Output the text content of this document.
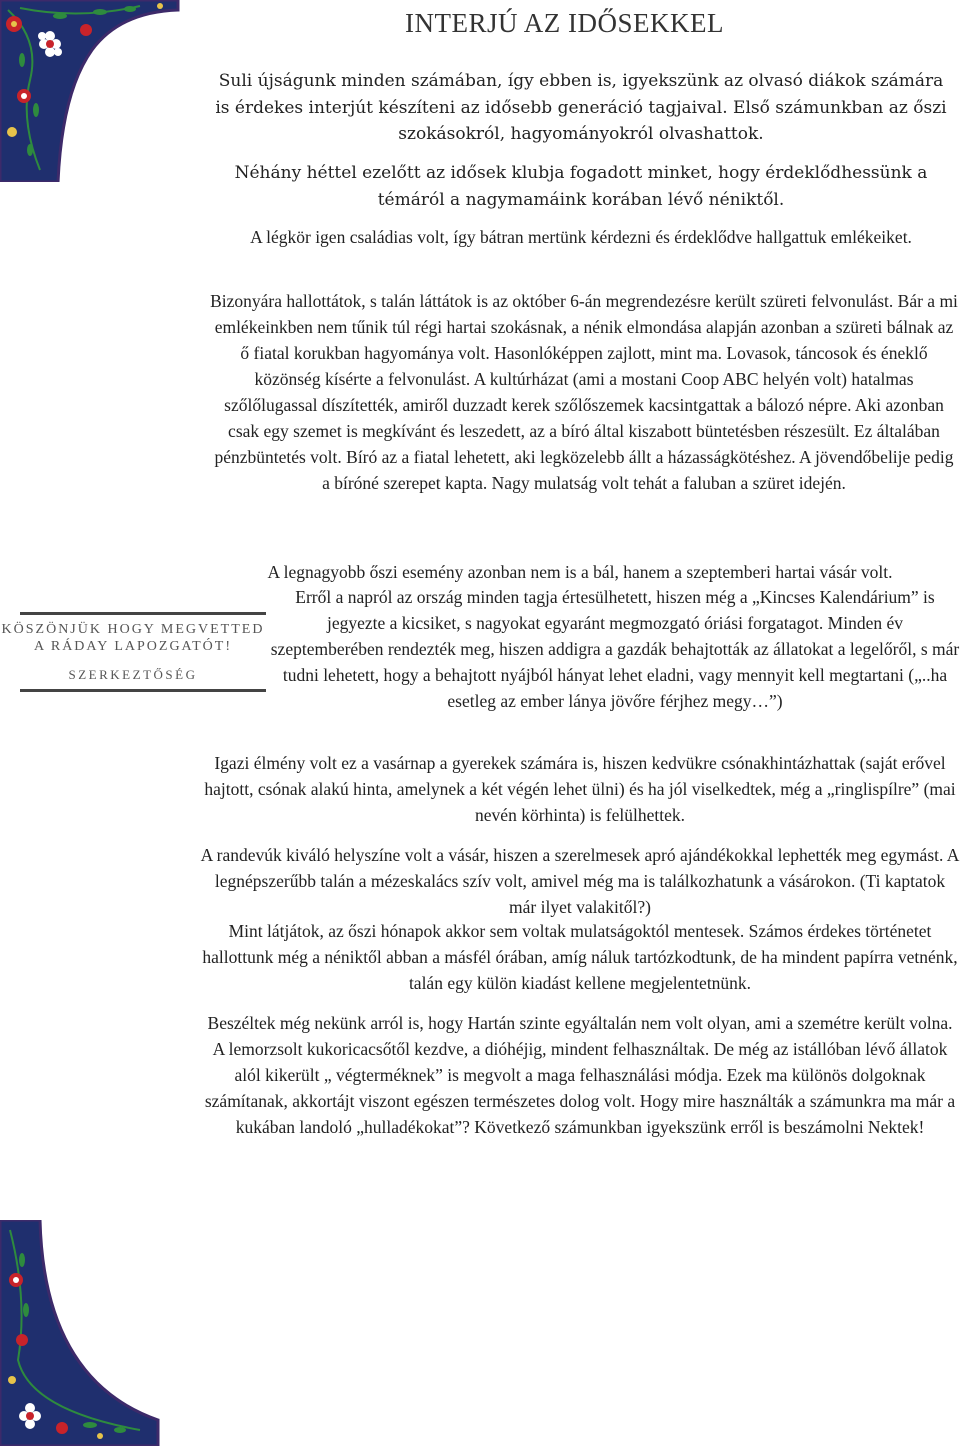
INTERJÚ AZ IDŐSEKKEL

Suli újságunk minden számában, így ebben is, igyekszünk az olvasó diákok számára is érdekes interjút készíteni az idősebb generáció tagjaival. Első számunkban az őszi szokásokról, hagyományokról olvashattok.

Néhány héttel ezelőtt az idősek klubja fogadott minket, hogy érdeklődhessünk a témáról a nagymamáink korában lévő néniktől.

A légkör igen családias volt, így bátran mertünk kérdezni és érdeklődve hallgattuk emlékeiket.

Bizonyára hallottátok, s talán láttátok is az október 6-án megrendezésre került szüreti felvonulást. Bár a mi emlékeinkben nem tűnik túl régi hartai szokásnak, a nénik elmondása alapján azonban a szüreti bálnak az ő fiatal korukban hagyománya volt. Hasonlóképpen zajlott, mint ma. Lovasok, táncosok és éneklő közönség kísérte a felvonulást. A kultúrházat (ami a mostani Coop ABC helyén volt) hatalmas szőlőlugassal díszítették, amiről duzzadt kerek szőlőszemek kacsintgattak a bálozó népre. Aki azonban csak egy szemet is megkívánt és leszedett, az a bíró által kiszabott büntetésben részesült. Ez általában pénzbüntetés volt. Bíró az a fiatal lehetett, aki legközelebb állt a házasságkötéshez. A jövendőbelije pedig a bíróné szerepet kapta. Nagy mulatság volt tehát a faluban a szüret idején.

KÖSZÖNJÜK HOGY MEGVETTED A RÁDAY LAPOZGATÓT!
SZERKEZTŐSÉG

A legnagyobb őszi esemény azonban nem is a bál, hanem a szeptemberi hartai vásár volt.

Erről a napról az ország minden tagja értesülhetett, hiszen még a „Kincses Kalendárium” is jegyezte a kicsiket, s nagyokat egyaránt megmozgató óriási forgatagot. Minden év szeptemberében rendezték meg, hiszen addigra a gazdák behajtották az állatokat a legelőről, s már tudni lehetett, hogy a behajtott nyájból hányat lehet eladni, vagy mennyit kell megtartani („..ha esetleg az ember lánya jövőre férjhez megy…”)

Igazi élmény volt ez a vasárnap a gyerekek számára is, hiszen kedvükre csónakhintázhattak (saját erővel hajtott, csónak alakú hinta, amelynek a két végén lehet ülni) és ha jól viselkedtek, még a „ringlispílre” (mai nevén körhinta) is felülhettek.

A randevúk kiváló helyszíne volt a vásár, hiszen a szerelmesek apró ajándékokkal lephették meg egymást. A legnépszerűbb talán a mézeskalács szív volt, amivel még ma is találkozhatunk a vásárokon. (Ti kaptatok már ilyet valakitől?)

Mint látjátok, az őszi hónapok akkor sem voltak mulatságoktól mentesek. Számos érdekes történetet hallottunk még a néniktől abban a másfél órában, amíg náluk tartózkodtunk, de ha mindent papírra vetnénk, talán egy külön kiadást kellene megjelentetnünk.

Beszéltek még nekünk arról is, hogy Hartán szinte egyáltalán nem volt olyan, ami a szemétre került volna. A lemorzsolt kukoricacsőtől kezdve, a dióhéjig, mindent felhasználtak. De még az istállóban lévő állatok alól kikerült „ végterméknek” is megvolt a maga felhasználási módja. Ezek ma különös dolgoknak számítanak, akkortájt viszont egészen természetes dolog volt. Hogy mire használták a számunkra ma már a kukában landoló „hulladékokat”? Következő számunkban igyekszünk erről is beszámolni Nektek!
